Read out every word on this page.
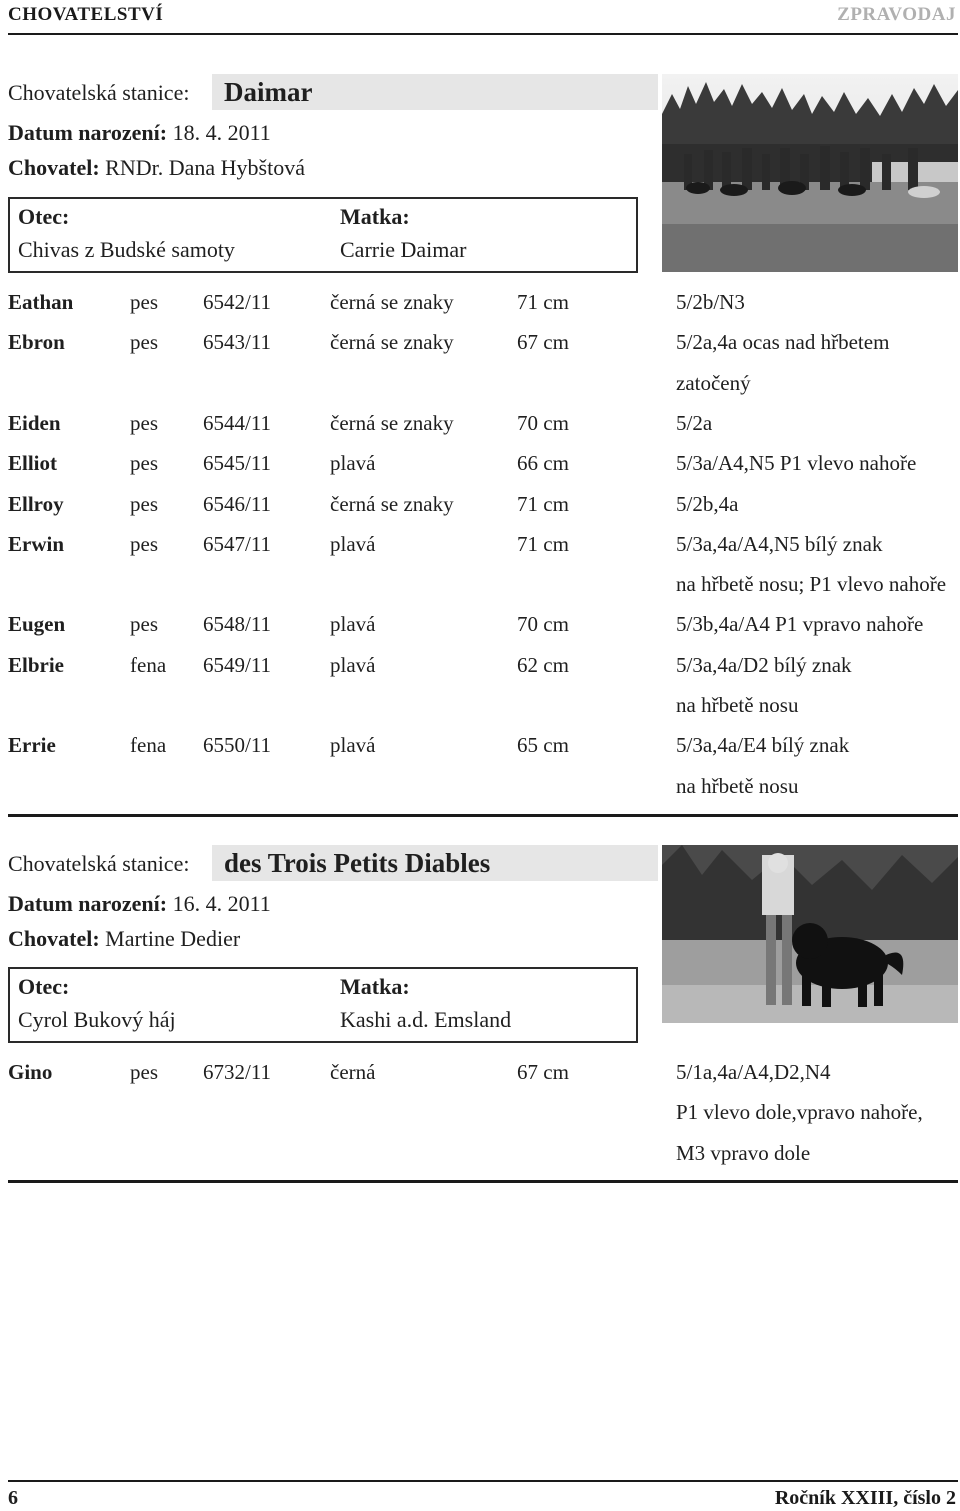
CHOVATELSTVÍ	ZPRAVODAJ
Chovatelská stanice:	Daimar
Datum narození: 18. 4. 2011
Chovatel: RNDr. Dana Hybštová
Otec:
Chivas z Budské samoty
Matka:
Carrie Daimar
Eathan	pes 6542/11	černá se znaky	71 cm	5/2b/N3
Ebron	pes 6543/11	černá se znaky	67 cm	5/2a,4a ocas nad hřbetem
zatočený
Eiden	pes 6544/11	černá se znaky	70 cm	5/2a
Elliot	pes 6545/11	plavá	66 cm	5/3a/A4,N5 P1 vlevo nahoře
Ellroy	pes 6546/11	černá se znaky	71 cm	5/2b,4a
Erwin	pes 6547/11	plavá	71 cm	5/3a,4a/A4,N5 bílý znak
na hřbetě nosu; P1 vlevo nahoře
Eugen	pes 6548/11	plavá	70 cm	5/3b,4a/A4 P1 vpravo nahoře
Elbrie	fena 6549/11	plavá	62 cm	5/3a,4a/D2 bílý znak
na hřbetě nosu
Errie	fena 6550/11	plavá	65 cm	5/3a,4a/E4 bílý znak
na hřbetě nosu
Chovatelská stanice:	des Trois Petits Diables
Datum narození: 16. 4. 2011
Chovatel: Martine Dedier
Otec:
Cyrol Bukový háj
Matka:
Kashi a.d. Emsland
Gino	pes 6732/11	černá	67 cm	5/1a,4a/A4,D2,N4
P1 vlevo dole,vpravo nahoře,
M3 vpravo dole
6	Ročník XXIII, číslo 2
